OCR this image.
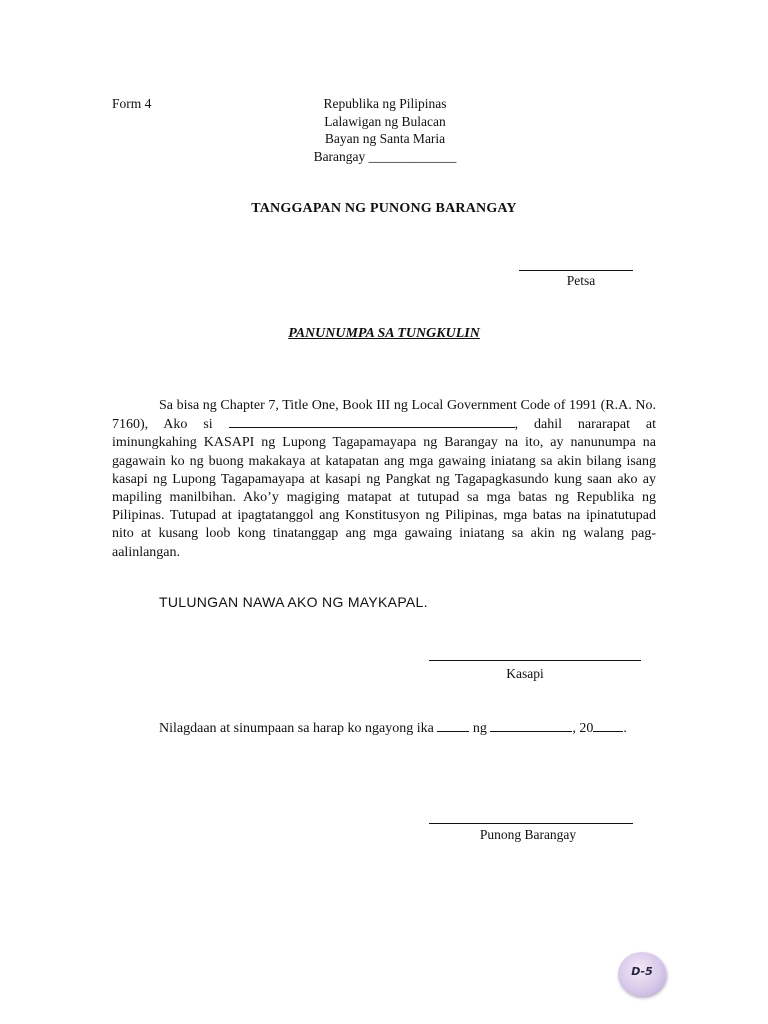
Form 4	Republika ng Pilipinas
Lalawigan ng Bulacan
Bayan ng Santa Maria
Barangay _____________
TANGGAPAN NG PUNONG BARANGAY
Petsa
PANUNUMPA SA TUNGKULIN

Sa bisa ng Chapter 7, Title One, Book III ng Local Government Code of 1991 (R.A. No. 7160), Ako si	, dahil nararapat at iminungkahing KASAPI ng Lupong Tagapamayapa ng Barangay na ito, ay nanunumpa na gagawain ko ng buong makakaya at katapatan ang mga gawaing iniatang sa akin bilang isang kasapi ng Lupong Tagapamayapa at kasapi ng Pangkat ng Tagapagkasundo kung saan ako ay mapiling manilbihan. Ako’y magiging matapat at tutupad sa mga batas ng Republika ng Pilipinas. Tutupad at ipagtatanggol ang Konstitusyon ng Pilipinas, mga batas na ipinatutupad nito at kusang loob kong tinatanggap ang mga gawaing iniatang sa akin ng walang pag-aalinlangan.

TULUNGAN NAWA AKO NG MAYKAPAL.
Kasapi
Nilagdaan at sinumpaan sa harap ko ngayong ika  ng	, 20 .
Punong Barangay
D-5
